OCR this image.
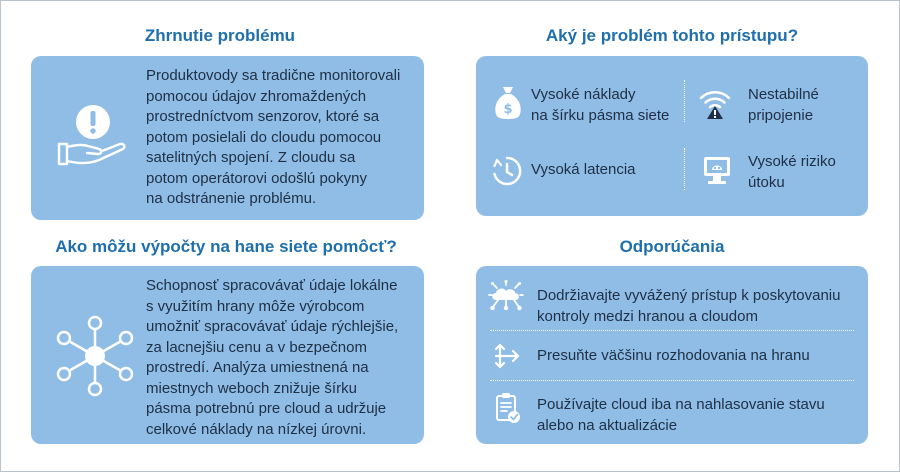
Zhrnutie problému
Produktovody sa tradične monitorovali
pomocou údajov zhromaždených
prostredníctvom senzorov, ktoré sa
potom posielali do cloudu pomocou
satelitných spojení. Z cloudu sa
potom operátorovi odošlú pokyny
na odstránenie problému.
Aký je problém tohto prístupu?
$
Vysoké náklady
na šírku pásma siete
Nestabilné
pripojenie
Vysoká latencia	Vysoké riziko
útoku
Ako môžu výpočty na hane siete pomôcť?
Schopnosť spracovávať údaje lokálne
s využitím hrany môže výrobcom
umožniť spracovávať údaje rýchlejšie,
za lacnejšiu cenu a v bezpečnom
prostredí. Analýza umiestnená na
miestnych weboch znižuje šírku
pásma potrebnú pre cloud a udržuje
celkové náklady na nízkej úrovni.
Odporúčania
Dodržiavajte vyvážený prístup k poskytovaniu
kontroly medzi hranou a cloudom
Presuňte väčšinu rozhodovania na hranu
Používajte cloud iba na nahlasovanie stavu
alebo na aktualizácie
